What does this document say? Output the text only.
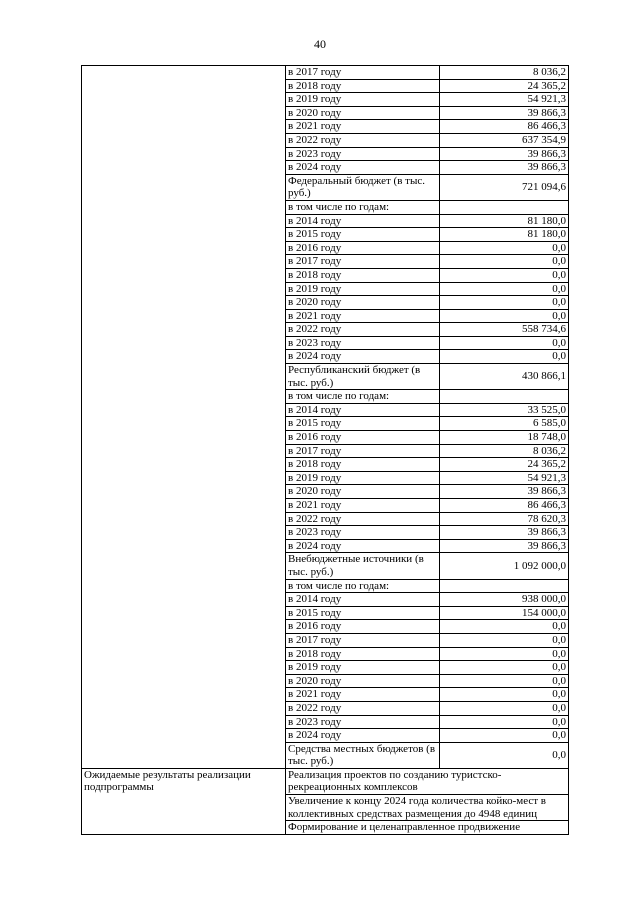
40
	в 2017 году	8 036,2
	в 2018 году	24 365,2
	в 2019 году	54 921,3
	в 2020 году	39 866,3
	в 2021 году	86 466,3
	в 2022 году	637 354,9
	в 2023 году	39 866,3
	в 2024 году	39 866,3
	Федеральный бюджет (в тыс. руб.)	721 094,6
	в том числе по годам:	
	в 2014 году	81 180,0
	в 2015 году	81 180,0
	в 2016 году	0,0
	в 2017 году	0,0
	в 2018 году	0,0
	в 2019 году	0,0
	в 2020 году	0,0
	в 2021 году	0,0
	в 2022 году	558 734,6
	в 2023 году	0,0
	в 2024 году	0,0
	Республиканский бюджет (в тыс. руб.)	430 866,1
	в том числе по годам:	
	в 2014 году	33 525,0
	в 2015 году	6 585,0
	в 2016 году	18 748,0
	в 2017 году	8 036,2
	в 2018 году	24 365,2
	в 2019 году	54 921,3
	в 2020 году	39 866,3
	в 2021 году	86 466,3
	в 2022 году	78 620,3
	в 2023 году	39 866,3
	в 2024 году	39 866,3
	Внебюджетные источники (в тыс. руб.)	1 092 000,0
	в том числе по годам:	
	в 2014 году	938 000,0
	в 2015 году	154 000,0
	в 2016 году	0,0
	в 2017 году	0,0
	в 2018 году	0,0
	в 2019 году	0,0
	в 2020 году	0,0
	в 2021 году	0,0
	в 2022 году	0,0
	в 2023 году	0,0
	в 2024 году	0,0
	Средства местных бюджетов (в тыс. руб.)	0,0
Ожидаемые результаты реализации подпрограммы	Реализация проектов по созданию туристско-рекреационных комплексов	
	Увеличение к концу 2024 года количества койко-мест в коллективных средствах размещения до 4948 единиц	
	Формирование и целенаправленное продвижение	
